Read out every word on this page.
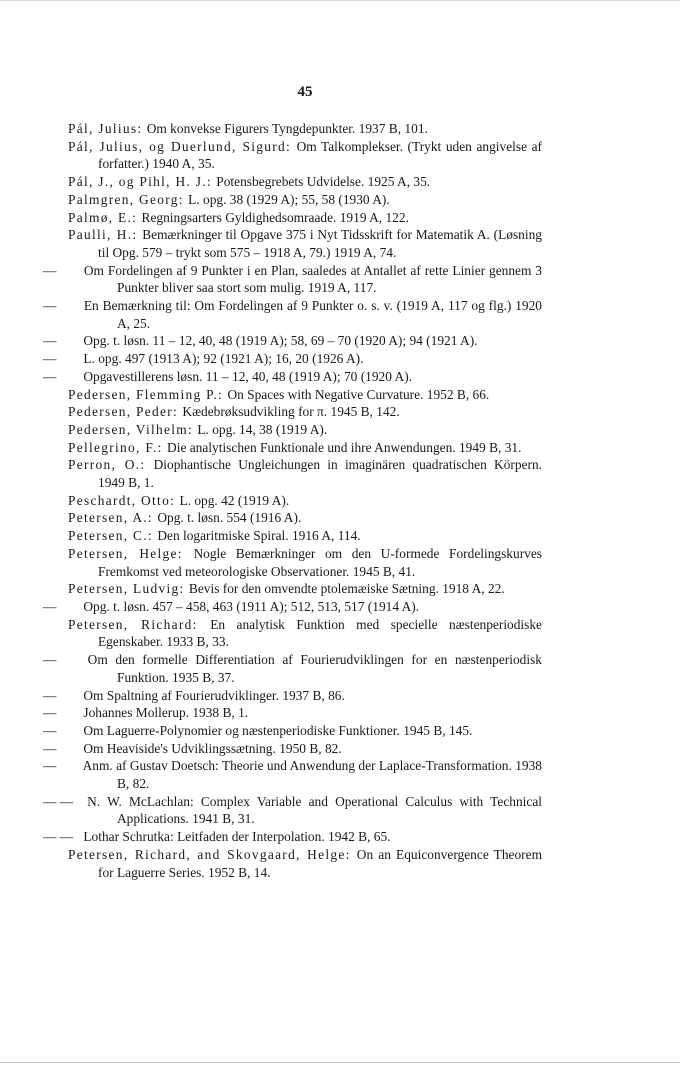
45
Pál, Julius: Om konvekse Figurers Tyngdepunkter. 1937 B, 101.
Pál, Julius, og Duerlund, Sigurd: Om Talkomplekser. (Trykt uden angivelse af forfatter.) 1940 A, 35.
Pál, J., og Pihl, H. J.: Potensbegrebets Udvidelse. 1925 A, 35.
Palmgren, Georg: L. opg. 38 (1929 A); 55, 58 (1930 A).
Palmø, E.: Regningsarters Gyldighedsomraade. 1919 A, 122.
Paulli, H.: Bemærkninger til Opgave 375 i Nyt Tidsskrift for Matematik A. (Løsning til Opg. 579 – trykt som 575 – 1918 A, 79.) 1919 A, 74.
— Om Fordelingen af 9 Punkter i en Plan, saaledes at Antallet af rette Linier gennem 3 Punkter bliver saa stort som mulig. 1919 A, 117.
— En Bemærkning til: Om Fordelingen af 9 Punkter o. s. v. (1919 A, 117 og flg.) 1920 A, 25.
— Opg. t. løsn. 11 – 12, 40, 48 (1919 A); 58, 69 – 70 (1920 A); 94 (1921 A).
— L. opg. 497 (1913 A); 92 (1921 A); 16, 20 (1926 A).
— Opgavestillerens løsn. 11 – 12, 40, 48 (1919 A); 70 (1920 A).
Pedersen, Flemming P.: On Spaces with Negative Curvature. 1952 B, 66.
Pedersen, Peder: Kædebrøksudvikling for π. 1945 B, 142.
Pedersen, Vilhelm: L. opg. 14, 38 (1919 A).
Pellegrino, F.: Die analytischen Funktionale und ihre Anwendungen. 1949 B, 31.
Perron, O.: Diophantische Ungleichungen in imaginären quadratischen Körpern. 1949 B, 1.
Peschardt, Otto: L. opg. 42 (1919 A).
Petersen, A.: Opg. t. løsn. 554 (1916 A).
Petersen, C.: Den logaritmiske Spiral. 1916 A, 114.
Petersen, Helge: Nogle Bemærkninger om den U-formede Fordelingskurves Fremkomst ved meteorologiske Observationer. 1945 B, 41.
Petersen, Ludvig: Bevis for den omvendte ptolemæiske Sætning. 1918 A, 22.
— Opg. t. løsn. 457 – 458, 463 (1911 A); 512, 513, 517 (1914 A).
Petersen, Richard: En analytisk Funktion med specielle næstenperiodiske Egenskaber. 1933 B, 33.
— Om den formelle Differentiation af Fourierudviklingen for en næstenperiodisk Funktion. 1935 B, 37.
— Om Spaltning af Fourierudviklinger. 1937 B, 86.
— Johannes Mollerup. 1938 B, 1.
— Om Laguerre-Polynomier og næstenperiodiske Funktioner. 1945 B, 145.
— Om Heaviside's Udviklingssætning. 1950 B, 82.
— Anm. af Gustav Doetsch: Theorie und Anwendung der Laplace-Transformation. 1938 B, 82.
— — N. W. McLachlan: Complex Variable and Operational Calculus with Technical Applications. 1941 B, 31.
— — Lothar Schrutka: Leitfaden der Interpolation. 1942 B, 65.
Petersen, Richard, and Skovgaard, Helge: On an Equiconvergence Theorem for Laguerre Series. 1952 B, 14.
